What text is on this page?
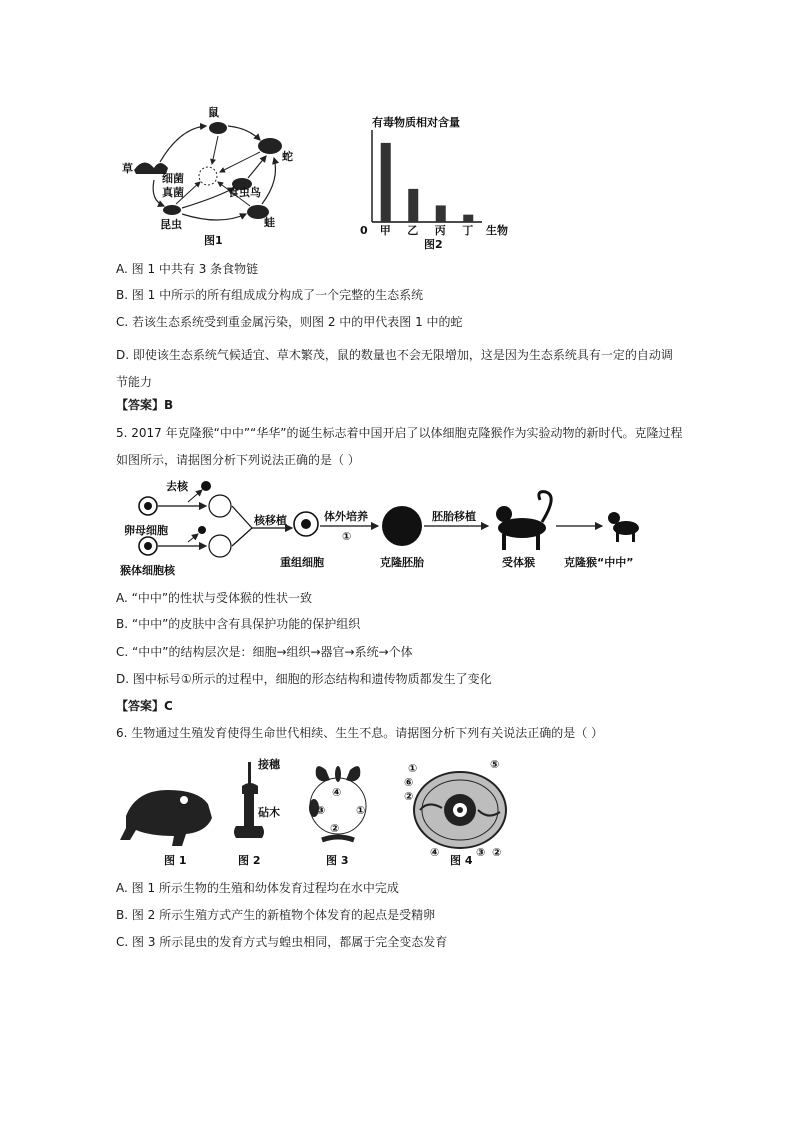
鼠
蛇
草
细菌
真菌	食虫鸟
昆虫	蛙
图1
有毒物质相对含量
0	生物
甲 乙 丙 丁
图2
A. 图 1 中共有 3 条食物链
B. 图 1 中所示的所有组成成分构成了一个完整的生态系统
C. 若该生态系统受到重金属污染，则图 2 中的甲代表图 1 中的蛇
D. 即使该生态系统气候适宜、草木繁茂，鼠的数量也不会无限增加，这是因为生态系统具有一定的自动调节能力
【答案】B
5. 2017 年克隆猴“中中”“华华”的诞生标志着中国开启了以体细胞克隆猴作为实验动物的新时代。克隆过程如图所示，请据图分析下列说法正确的是（ ）
卵母细胞
猴体细胞核
去核
核移植
重组细胞
体外培养
①
克隆胚胎
胚胎移植
受体猴	克隆猴“中中”
A. “中中”的性状与受体猴的性状一致
B. “中中”的皮肤中含有具保护功能的保护组织
C. “中中”的结构层次是：细胞→组织→器官→系统→个体
D. 图中标号①所示的过程中，细胞的形态结构和遗传物质都发生了变化
【答案】C
6. 生物通过生殖发育使得生命世代相续、生生不息。请据图分析下列有关说法正确的是（ ）
图 1
接穗
砧木
图 2
④
③	①
②
图 3
①
⑥
②
⑤
④	③ ②
图 4
A. 图 1 所示生物的生殖和幼体发育过程均在水中完成
B. 图 2 所示生殖方式产生的新植物个体发育的起点是受精卵
C. 图 3 所示昆虫的发育方式与蝗虫相同，都属于完全变态发育
